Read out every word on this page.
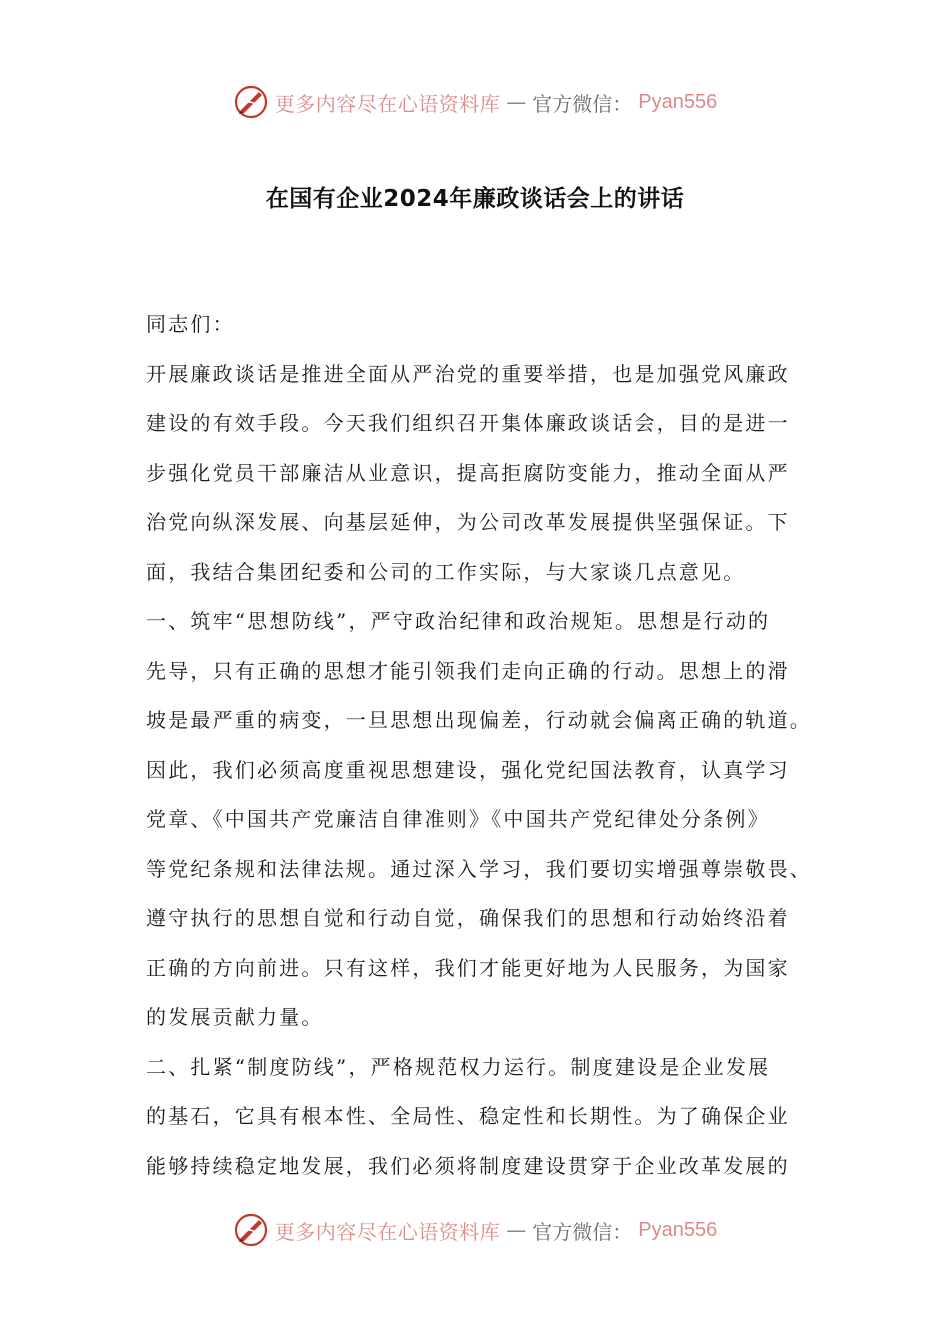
更多内容尽在心语资料库 — 官方微信： Pyan556
在国有企业2024年廉政谈话会上的讲话
同志们：
开展廉政谈话是推进全面从严治党的重要举措，也是加强党风廉政
建设的有效手段。今天我们组织召开集体廉政谈话会，目的是进一
步强化党员干部廉洁从业意识，提高拒腐防变能力，推动全面从严
治党向纵深发展、向基层延伸，为公司改革发展提供坚强保证。下
面，我结合集团纪委和公司的工作实际，与大家谈几点意见。
一、筑牢“思想防线”，严守政治纪律和政治规矩。思想是行动的
先导，只有正确的思想才能引领我们走向正确的行动。思想上的滑
坡是最严重的病变，一旦思想出现偏差，行动就会偏离正确的轨道。
因此，我们必须高度重视思想建设，强化党纪国法教育，认真学习
党章、《中国共产党廉洁自律准则》《中国共产党纪律处分条例》
等党纪条规和法律法规。通过深入学习，我们要切实增强尊崇敬畏、
遵守执行的思想自觉和行动自觉，确保我们的思想和行动始终沿着
正确的方向前进。只有这样，我们才能更好地为人民服务，为国家
的发展贡献力量。
二、扎紧“制度防线”，严格规范权力运行。制度建设是企业发展
的基石，它具有根本性、全局性、稳定性和长期性。为了确保企业
能够持续稳定地发展，我们必须将制度建设贯穿于企业改革发展的
更多内容尽在心语资料库 — 官方微信： Pyan556
